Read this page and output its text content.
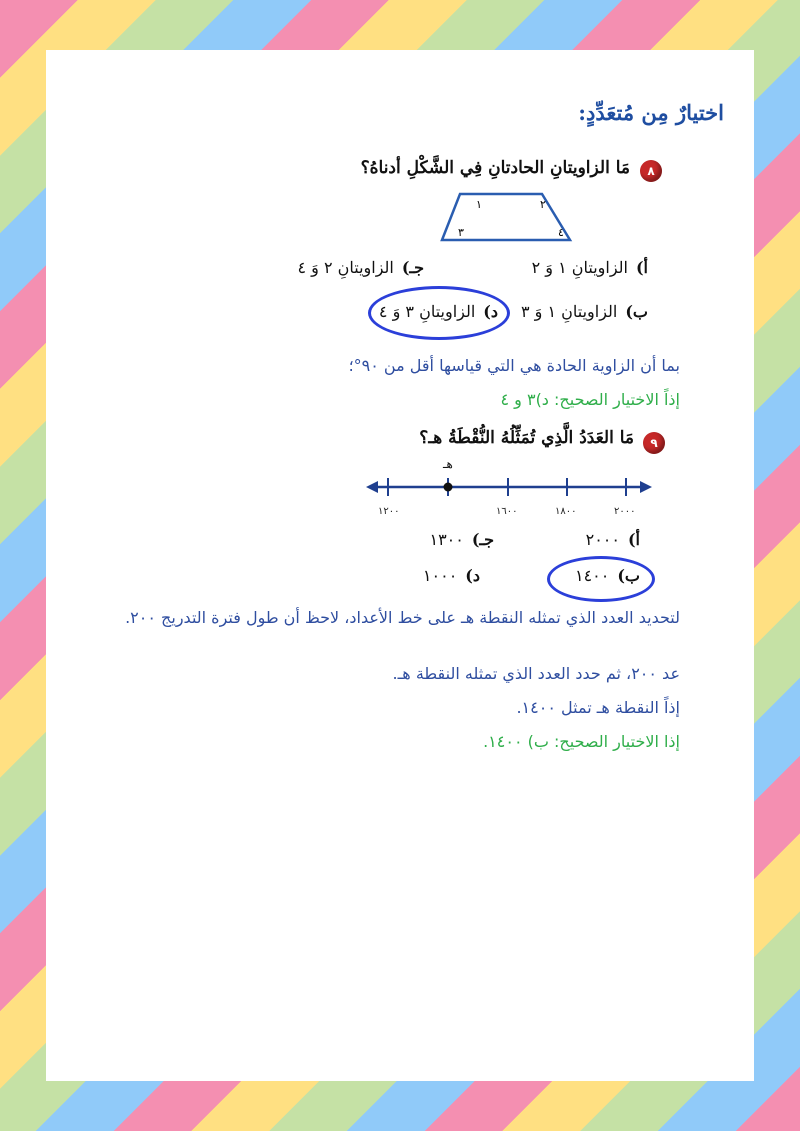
اختيارٌ مِن مُتعَدِّدٍ:
٨
مَا الزاويتانِ الحادتانِ فِي الشَّكْلِ أدناهُ؟
١	٢
٣	٤
أ)الزاويتانِ ١ وَ ٢
جـ)الزاويتانِ ٢ وَ ٤
ب)الزاويتانِ ١ وَ ٣
د)الزاويتانِ ٣ وَ ٤
بما أن الزاوية الحادة هي التي قياسها أقل من ٩٠°؛
إذاً الاختيار الصحيح: د)٣ و ٤
٩
مَا العَدَدُ الَّذِي تُمَثِّلُهُ النُّقْطَةُ هـ؟
هـ
١٢٠٠	١٦٠٠	١٨٠٠	٢٠٠٠
أ)٢٠٠٠
جـ)١٣٠٠
ب)١٤٠٠
د)١٠٠٠
لتحديد العدد الذي تمثله النقطة هـ على خط الأعداد، لاحظ أن طول فترة التدريج ٢٠٠.
عد ٢٠٠، ثم حدد العدد الذي تمثله النقطة هـ.
إذاً النقطة هـ تمثل ١٤٠٠.
إذا الاختيار الصحيح: ب) ١٤٠٠.
